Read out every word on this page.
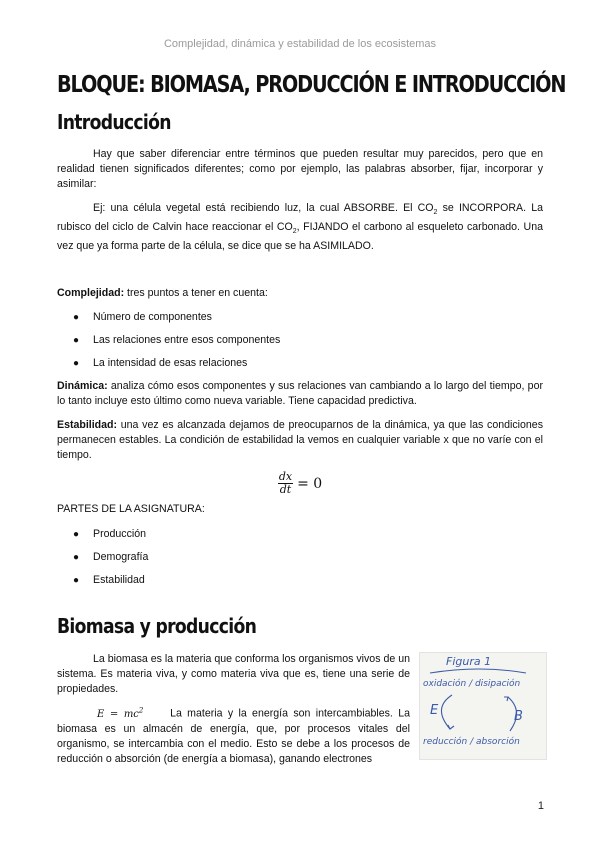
Complejidad, dinámica y estabilidad de los ecosistemas
BLOQUE: BIOMASA, PRODUCCIÓN E INTRODUCCIÓN
Introducción

Hay que saber diferenciar entre términos que pueden resultar muy parecidos, pero que en realidad tienen significados diferentes; como por ejemplo, las palabras absorber, fijar, incorporar y asimilar:

Ej: una célula vegetal está recibiendo luz, la cual ABSORBE. El $CO_2$ se INCORPORA. La rubisco del ciclo de Calvin hace reaccionar el $CO_2$, FIJANDO el carbono al esqueleto carbonado. Una vez que ya forma parte de la célula, se dice que se ha ASIMILADO.

Complejidad: tres puntos a tener en cuenta:

● Número de componentes
● Las relaciones entre esos componentes
● La intensidad de esas relaciones

Dinámica: analiza cómo esos componentes y sus relaciones van cambiando a lo largo del tiempo, por lo tanto incluye esto último como nueva variable. Tiene capacidad predictiva.

Estabilidad: una vez es alcanzada dejamos de preocuparnos de la dinámica, ya que las condiciones permanecen estables. La condición de estabilidad la vemos en cualquier variable x que no varíe con el tiempo.

$\frac{dx}{dt} = 0$

PARTES DE LA ASIGNATURA:

● Producción
● Demografía
● Estabilidad
Biomasa y producción

La biomasa es la materia que conforma los organismos vivos de un sistema. Es materia viva, y como materia viva que es, tiene una serie de propiedades.

$E = mc^2$	La materia y la energía son intercambiables. La biomasa es un almacén de energía, que, por procesos vitales del organismo, se intercambia con el medio. Esto se debe a los procesos de reducción o absorción (de energía a biomasa), ganando electrones

Figura 1
oxidación / disipación
E	B
reducción / absorción
1
